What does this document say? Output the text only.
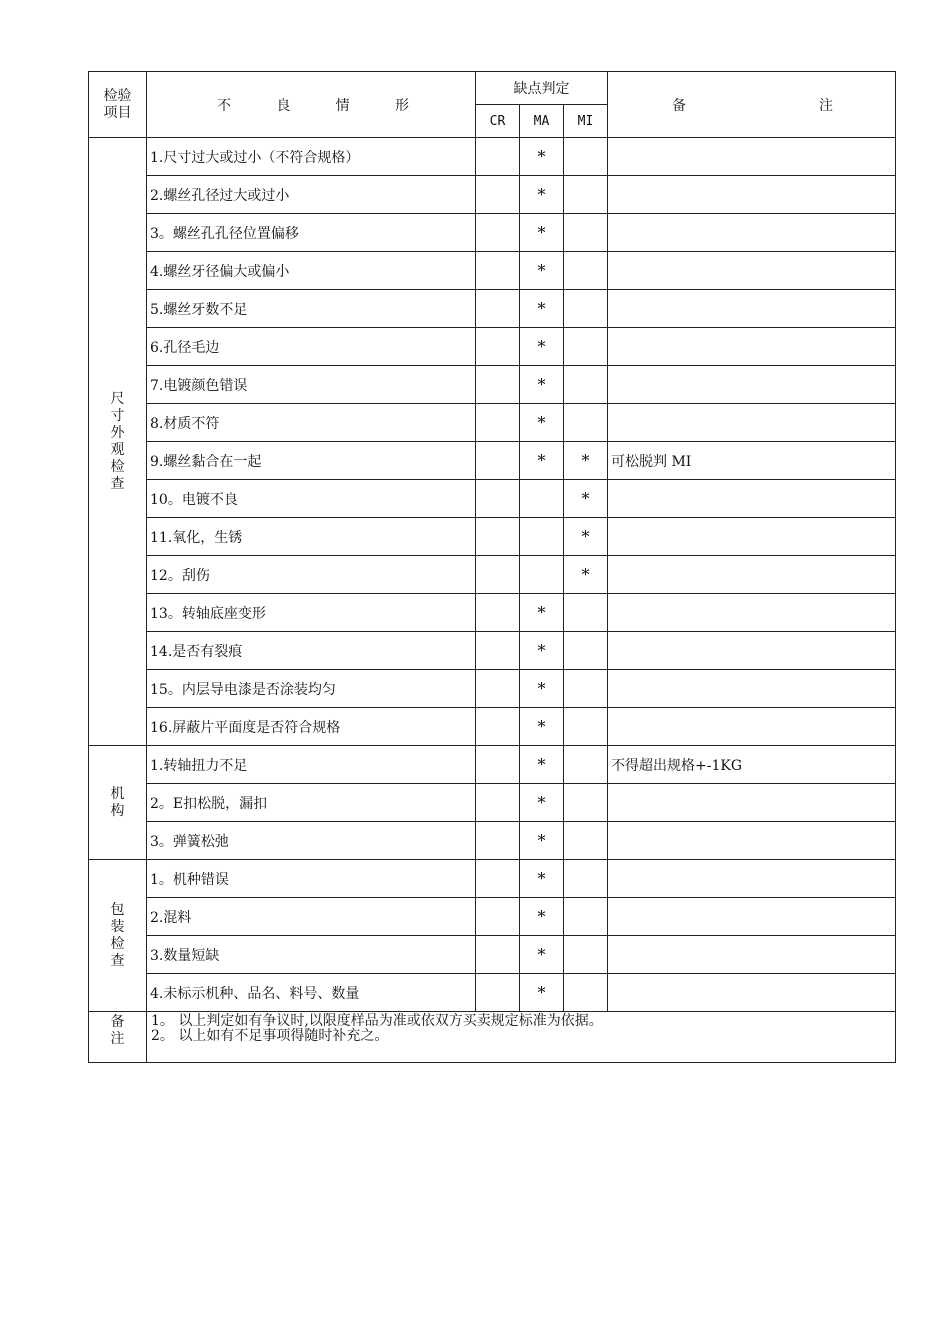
检验项目	不 良 情 形	缺点判定			备 注

		CR	MA	MI	
尺寸外观检查	1.尺寸过大或过小（不符合规格）		*		
	2.螺丝孔径过大或过小		*		
	3。螺丝孔孔径位置偏移		*		
	4.螺丝牙径偏大或偏小		*		
	5.螺丝牙数不足		*		
	6.孔径毛边		*		
	7.电镀颜色错误		*		
	8.材质不符		*		
	9.螺丝黏合在一起		*	*	可松脱判 MI
	10。电镀不良			*	
	11.氧化，生锈			*	
	12。刮伤			*	
	13。转轴底座变形		*		
	14.是否有裂痕		*		
	15。内层导电漆是否涂装均匀		*		
	16.屏蔽片平面度是否符合规格		*		
机构	1.转轴扭力不足		*		不得超出规格+-1KG
	2。E扣松脱，漏扣		*		
	3。弹簧松弛		*		
包装检查	1。机种错误		*		
	2.混料		*		
	3.数量短缺		*		
	4.未标示机种、品名、料号、数量		*		
备注	1。 以上判定如有争议时,以限度样品为准或依双方买卖规定标准为依据。
2。 以上如有不足事项得随时补充之。				
